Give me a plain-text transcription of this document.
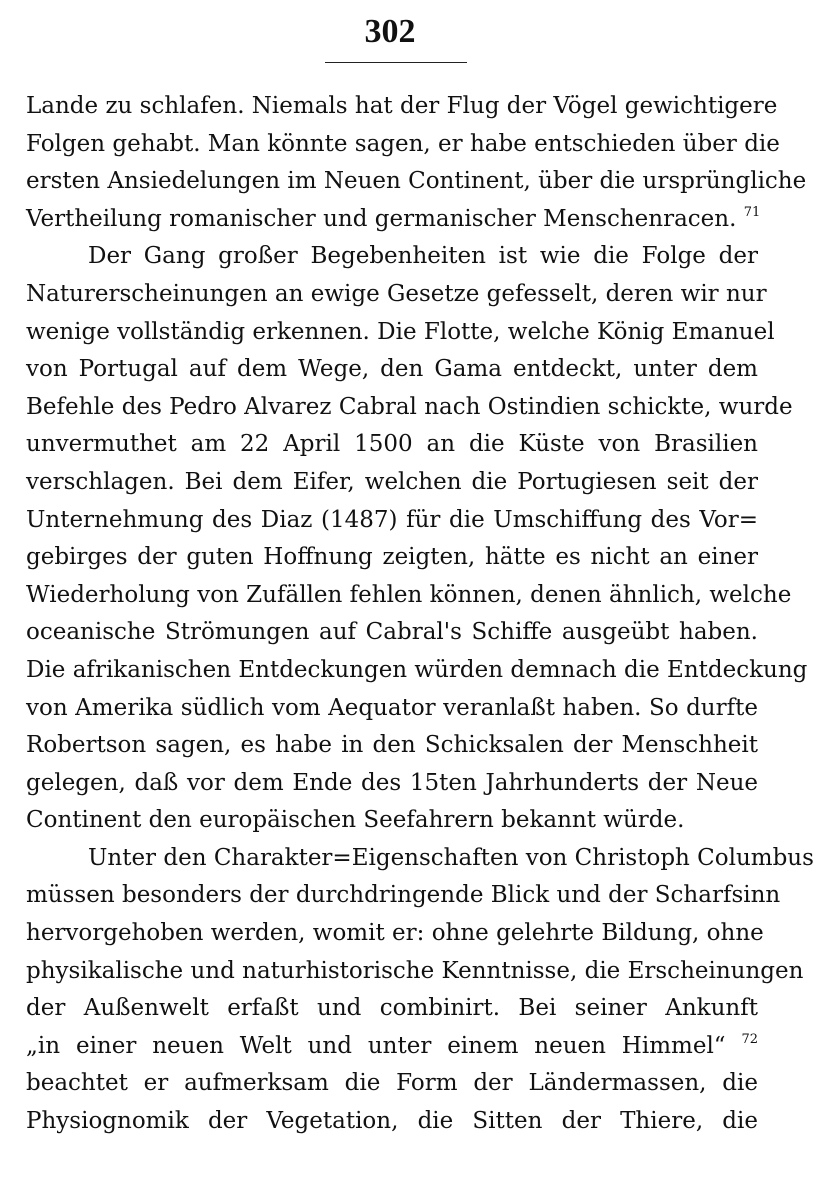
302
Lande zu schlafen. Niemals hat der Flug der Vögel gewichtigere
Folgen gehabt. Man könnte sagen, er habe entschieden über die
ersten Ansiedelungen im Neuen Continent, über die ursprüngliche
Vertheilung romanischer und germanischer Menschenracen. $^{71}$
Der Gang großer Begebenheiten ist wie die Folge der
Naturerscheinungen an ewige Gesetze gefesselt, deren wir nur
wenige vollständig erkennen. Die Flotte, welche König Emanuel
von Portugal auf dem Wege, den Gama entdeckt, unter dem
Befehle des Pedro Alvarez Cabral nach Ostindien schickte, wurde
unvermuthet am 22 April 1500 an die Küste von Brasilien
verschlagen. Bei dem Eifer, welchen die Portugiesen seit der
Unternehmung des Diaz (1487) für die Umschiffung des Vor=
gebirges der guten Hoffnung zeigten, hätte es nicht an einer
Wiederholung von Zufällen fehlen können, denen ähnlich, welche
oceanische Strömungen auf Cabral's Schiffe ausgeübt haben.
Die afrikanischen Entdeckungen würden demnach die Entdeckung
von Amerika südlich vom Aequator veranlaßt haben. So durfte
Robertson sagen, es habe in den Schicksalen der Menschheit
gelegen, daß vor dem Ende des 15ten Jahrhunderts der Neue
Continent den europäischen Seefahrern bekannt würde.
Unter den Charakter=Eigenschaften von Christoph Columbus
müssen besonders der durchdringende Blick und der Scharfsinn
hervorgehoben werden, womit er: ohne gelehrte Bildung, ohne
physikalische und naturhistorische Kenntnisse, die Erscheinungen
der Außenwelt erfaßt und combinirt. Bei seiner Ankunft
„in einer neuen Welt und unter einem neuen Himmel“ $^{72}$
beachtet er aufmerksam die Form der Ländermassen, die
Physiognomik der Vegetation, die Sitten der Thiere, die
